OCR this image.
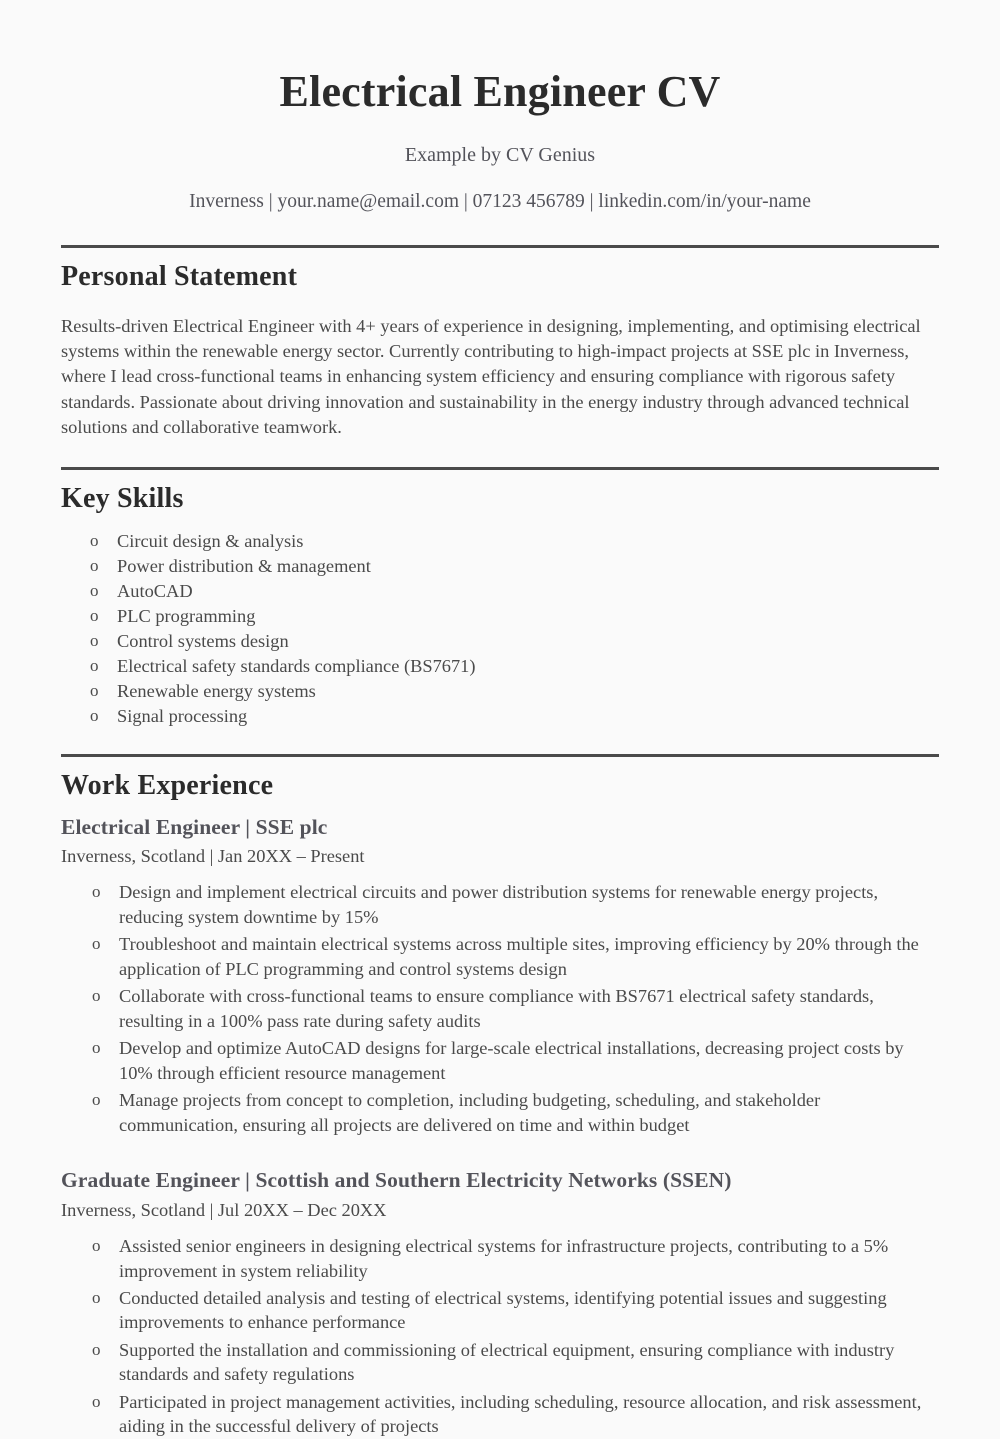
Electrical Engineer CV

Example by CV Genius

Inverness | your.name@email.com | 07123 456789 | linkedin.com/in/your-name

Personal Statement

Results-driven Electrical Engineer with 4+ years of experience in designing, implementing, and optimising electrical systems within the renewable energy sector. Currently contributing to high-impact projects at SSE plc in Inverness, where I lead cross-functional teams in enhancing system efficiency and ensuring compliance with rigorous safety standards. Passionate about driving innovation and sustainability in the energy industry through advanced technical solutions and collaborative teamwork.

Key Skills
o Circuit design & analysis
o Power distribution & management
o AutoCAD
o PLC programming
o Control systems design
o Electrical safety standards compliance (BS7671)
o Renewable energy systems
o Signal processing
Work Experience
Electrical Engineer | SSE plc

Inverness, Scotland | Jan 20XX – Present

o Design and implement electrical circuits and power distribution systems for renewable energy projects, reducing system downtime by 15%
o Troubleshoot and maintain electrical systems across multiple sites, improving efficiency by 20% through the application of PLC programming and control systems design
o Collaborate with cross-functional teams to ensure compliance with BS7671 electrical safety standards, resulting in a 100% pass rate during safety audits
o Develop and optimize AutoCAD designs for large-scale electrical installations, decreasing project costs by 10% through efficient resource management
o Manage projects from concept to completion, including budgeting, scheduling, and stakeholder communication, ensuring all projects are delivered on time and within budget
Graduate Engineer | Scottish and Southern Electricity Networks (SSEN)

Inverness, Scotland | Jul 20XX – Dec 20XX

o Assisted senior engineers in designing electrical systems for infrastructure projects, contributing to a 5% improvement in system reliability
o Conducted detailed analysis and testing of electrical systems, identifying potential issues and suggesting improvements to enhance performance
o Supported the installation and commissioning of electrical equipment, ensuring compliance with industry standards and safety regulations
o Participated in project management activities, including scheduling, resource allocation, and risk assessment, aiding in the successful delivery of projects
